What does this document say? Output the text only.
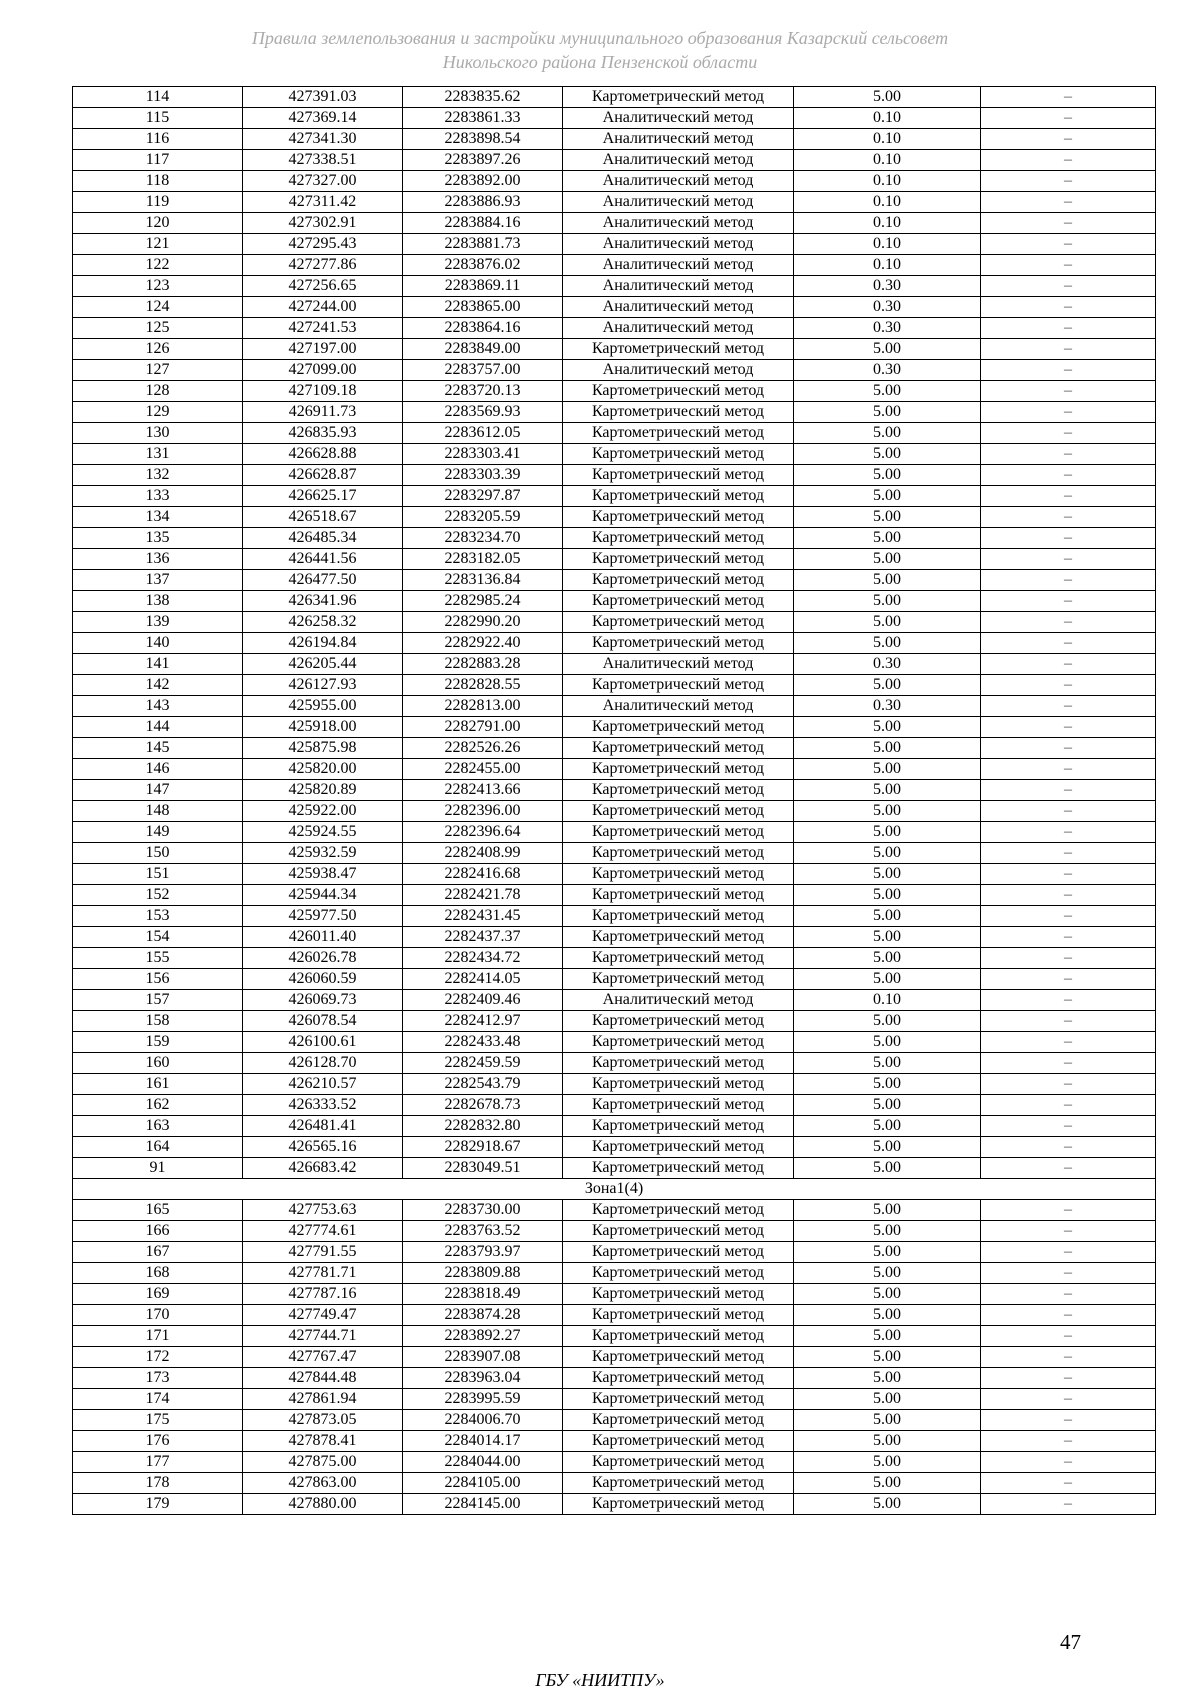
Правила землепользования и застройки муниципального образования Казарский сельсовет
Никольского района Пензенской области
114	427391.03	2283835.62	Картометрический метод	5.00	–
115	427369.14	2283861.33	Аналитический метод	0.10	–
116	427341.30	2283898.54	Аналитический метод	0.10	–
117	427338.51	2283897.26	Аналитический метод	0.10	–
118	427327.00	2283892.00	Аналитический метод	0.10	–
119	427311.42	2283886.93	Аналитический метод	0.10	–
120	427302.91	2283884.16	Аналитический метод	0.10	–
121	427295.43	2283881.73	Аналитический метод	0.10	–
122	427277.86	2283876.02	Аналитический метод	0.10	–
123	427256.65	2283869.11	Аналитический метод	0.30	–
124	427244.00	2283865.00	Аналитический метод	0.30	–
125	427241.53	2283864.16	Аналитический метод	0.30	–
126	427197.00	2283849.00	Картометрический метод	5.00	–
127	427099.00	2283757.00	Аналитический метод	0.30	–
128	427109.18	2283720.13	Картометрический метод	5.00	–
129	426911.73	2283569.93	Картометрический метод	5.00	–
130	426835.93	2283612.05	Картометрический метод	5.00	–
131	426628.88	2283303.41	Картометрический метод	5.00	–
132	426628.87	2283303.39	Картометрический метод	5.00	–
133	426625.17	2283297.87	Картометрический метод	5.00	–
134	426518.67	2283205.59	Картометрический метод	5.00	–
135	426485.34	2283234.70	Картометрический метод	5.00	–
136	426441.56	2283182.05	Картометрический метод	5.00	–
137	426477.50	2283136.84	Картометрический метод	5.00	–
138	426341.96	2282985.24	Картометрический метод	5.00	–
139	426258.32	2282990.20	Картометрический метод	5.00	–
140	426194.84	2282922.40	Картометрический метод	5.00	–
141	426205.44	2282883.28	Аналитический метод	0.30	–
142	426127.93	2282828.55	Картометрический метод	5.00	–
143	425955.00	2282813.00	Аналитический метод	0.30	–
144	425918.00	2282791.00	Картометрический метод	5.00	–
145	425875.98	2282526.26	Картометрический метод	5.00	–
146	425820.00	2282455.00	Картометрический метод	5.00	–
147	425820.89	2282413.66	Картометрический метод	5.00	–
148	425922.00	2282396.00	Картометрический метод	5.00	–
149	425924.55	2282396.64	Картометрический метод	5.00	–
150	425932.59	2282408.99	Картометрический метод	5.00	–
151	425938.47	2282416.68	Картометрический метод	5.00	–
152	425944.34	2282421.78	Картометрический метод	5.00	–
153	425977.50	2282431.45	Картометрический метод	5.00	–
154	426011.40	2282437.37	Картометрический метод	5.00	–
155	426026.78	2282434.72	Картометрический метод	5.00	–
156	426060.59	2282414.05	Картометрический метод	5.00	–
157	426069.73	2282409.46	Аналитический метод	0.10	–
158	426078.54	2282412.97	Картометрический метод	5.00	–
159	426100.61	2282433.48	Картометрический метод	5.00	–
160	426128.70	2282459.59	Картометрический метод	5.00	–
161	426210.57	2282543.79	Картометрический метод	5.00	–
162	426333.52	2282678.73	Картометрический метод	5.00	–
163	426481.41	2282832.80	Картометрический метод	5.00	–
164	426565.16	2282918.67	Картометрический метод	5.00	–
91	426683.42	2283049.51	Картометрический метод	5.00	–
Зона1(4)					
165	427753.63	2283730.00	Картометрический метод	5.00	–
166	427774.61	2283763.52	Картометрический метод	5.00	–
167	427791.55	2283793.97	Картометрический метод	5.00	–
168	427781.71	2283809.88	Картометрический метод	5.00	–
169	427787.16	2283818.49	Картометрический метод	5.00	–
170	427749.47	2283874.28	Картометрический метод	5.00	–
171	427744.71	2283892.27	Картометрический метод	5.00	–
172	427767.47	2283907.08	Картометрический метод	5.00	–
173	427844.48	2283963.04	Картометрический метод	5.00	–
174	427861.94	2283995.59	Картометрический метод	5.00	–
175	427873.05	2284006.70	Картометрический метод	5.00	–
176	427878.41	2284014.17	Картометрический метод	5.00	–
177	427875.00	2284044.00	Картометрический метод	5.00	–
178	427863.00	2284105.00	Картометрический метод	5.00	–
179	427880.00	2284145.00	Картометрический метод	5.00	–
47
ГБУ «НИИТПУ»
